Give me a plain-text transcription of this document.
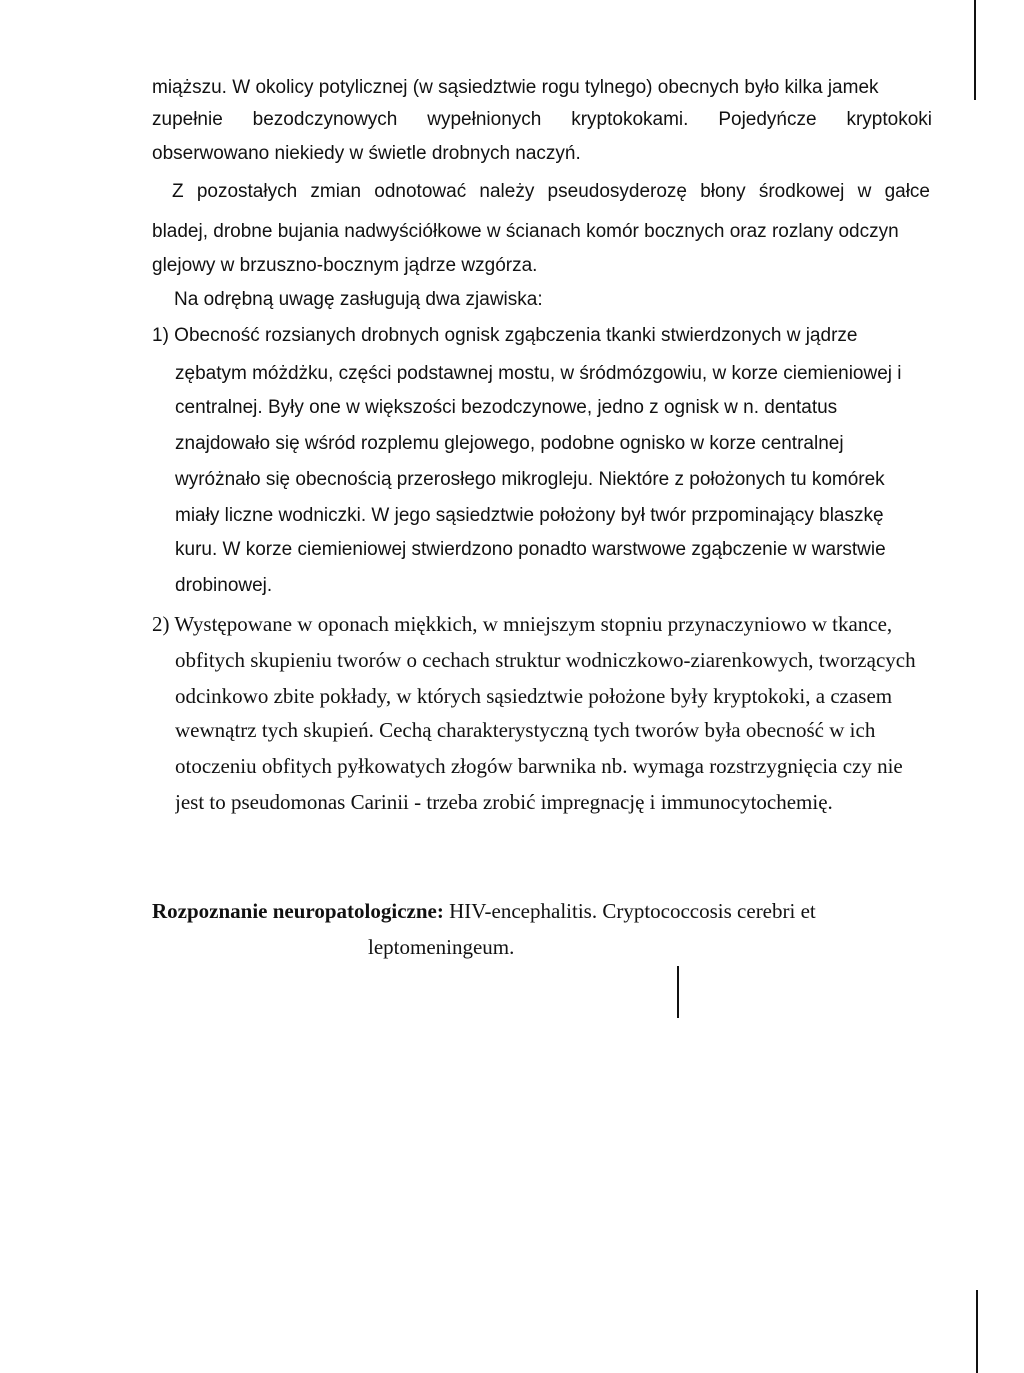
miąższu. W okolicy potylicznej (w sąsiedztwie rogu tylnego) obecnych było kilka jamek
zupełnie bezodczynowych wypełnionych kryptokokami. Pojedyńcze kryptokoki
obserwowano niekiedy w świetle drobnych naczyń.
Z pozostałych zmian odnotować należy pseudosyderozę błony środkowej w gałce
bladej, drobne bujania nadwyściółkowe w ścianach komór bocznych oraz rozlany odczyn
glejowy w brzuszno-bocznym jądrze wzgórza.
Na odrębną uwagę zasługują dwa zjawiska:
1) Obecność rozsianych drobnych ognisk zgąbczenia tkanki stwierdzonych w jądrze
zębatym móżdżku, części podstawnej mostu, w śródmózgowiu, w korze ciemieniowej i
centralnej. Były one w większości bezodczynowe, jedno z ognisk w n. dentatus
znajdowało się wśród rozplemu glejowego, podobne ognisko w korze centralnej
wyróżnało się obecnością przerosłego mikrogleju. Niektóre z położonych tu komórek
miały liczne wodniczki. W jego sąsiedztwie położony był twór przpominający blaszkę
kuru. W korze ciemieniowej stwierdzono ponadto warstwowe zgąbczenie w warstwie
drobinowej.
2) Występowane w oponach miękkich, w mniejszym stopniu przynaczyniowo w tkance,
obfitych skupieniu tworów o cechach struktur wodniczkowo-ziarenkowych, tworzących
odcinkowo zbite pokłady, w których sąsiedztwie położone były kryptokoki, a czasem
wewnątrz tych skupień. Cechą charakterystyczną tych tworów była obecność w ich
otoczeniu obfitych pyłkowatych złogów barwnika nb. wymaga rozstrzygnięcia czy nie
jest to pseudomonas Carinii - trzeba zrobić impregnację i immunocytochemię.
Rozpoznanie neuropatologiczne: HIV-encephalitis. Cryptococcosis cerebri et
leptomeningeum.
